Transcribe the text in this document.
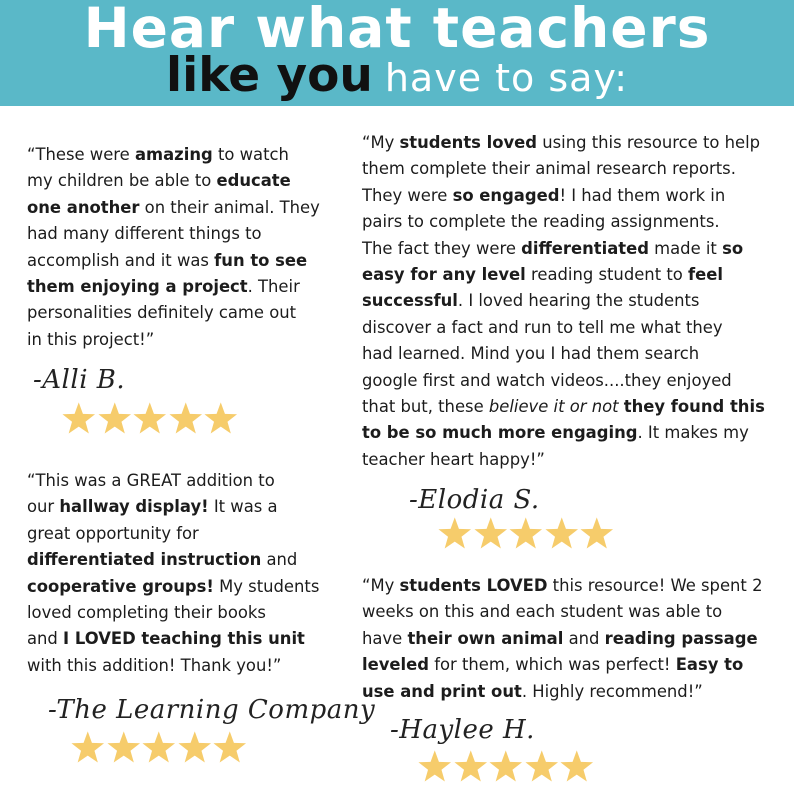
Hear what teachers
like you have to say:

“These were amazing to watch

my children be able to educate

one another on their animal. They

had many different things to

accomplish and it was fun to see

them enjoying a project. Their

personalities definitely came out

in this project!”

-Alli B.

“My students loved using this resource to help

them complete their animal research reports.

They were so engaged! I had them work in

pairs to complete the reading assignments.

The fact they were differentiated made it so

easy for any level reading student to feel

successful. I loved hearing the students

discover a fact and run to tell me what they

had learned. Mind you I had them search

google first and watch videos....they enjoyed

that but, these believe it or not they found this

to be so much more engaging. It makes my

teacher heart happy!”

-Elodia S.

“This was a GREAT addition to

our hallway display! It was a

great opportunity for

differentiated instruction and

cooperative groups! My students

loved completing their books

and I LOVED teaching this unit

with this addition! Thank you!”

-The Learning Company

“My students LOVED this resource! We spent 2

weeks on this and each student was able to

have their own animal and reading passage

leveled for them, which was perfect! Easy to

use and print out. Highly recommend!”

-Haylee H.
